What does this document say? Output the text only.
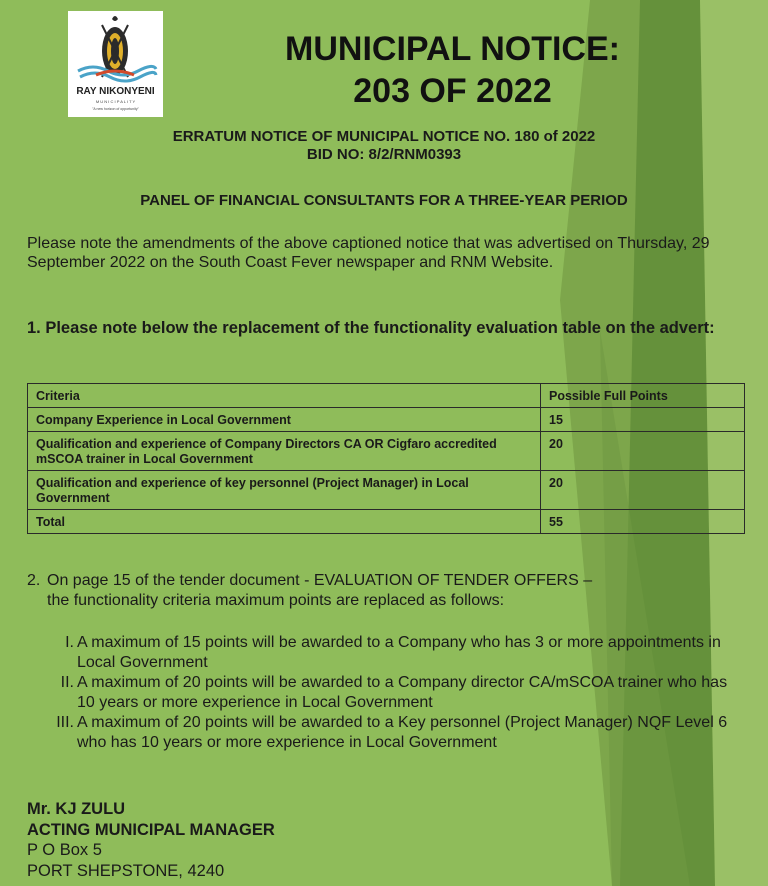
RAY NIKONYENI
M U N I C I P A L I T Y
"A new horizon of opportunity"
MUNICIPAL NOTICE:
203 OF 2022
ERRATUM NOTICE OF MUNICIPAL NOTICE NO. 180 of 2022
BID NO: 8/2/RNM0393
PANEL OF FINANCIAL CONSULTANTS FOR A THREE-YEAR PERIOD
Please note the amendments of the above captioned notice that was advertised on Thursday, 29 September 2022 on the South Coast Fever newspaper and RNM Website.
1. Please note below the replacement of the functionality evaluation table on the advert:
Criteria	Possible Full Points
Company Experience in Local Government	15
Qualification and experience of Company Directors CA OR Cigfaro accredited mSCOA trainer in Local Government	20
Qualification and experience of key personnel (Project Manager) in Local Government	20
Total	55
2. On page 15 of the tender document - EVALUATION OF TENDER OFFERS –
the functionality criteria maximum points are replaced as follows:
I. A maximum of 15 points will be awarded to a Company who has 3 or more appointments in Local Government
II. A maximum of 20 points will be awarded to a Company director CA/mSCOA trainer who has 10 years or more experience in Local Government
III. A maximum of 20 points will be awarded to a Key personnel (Project Manager) NQF Level 6 who has 10 years or more experience in Local Government
Mr. KJ ZULU
ACTING MUNICIPAL MANAGER
P O Box 5
PORT SHEPSTONE, 4240
